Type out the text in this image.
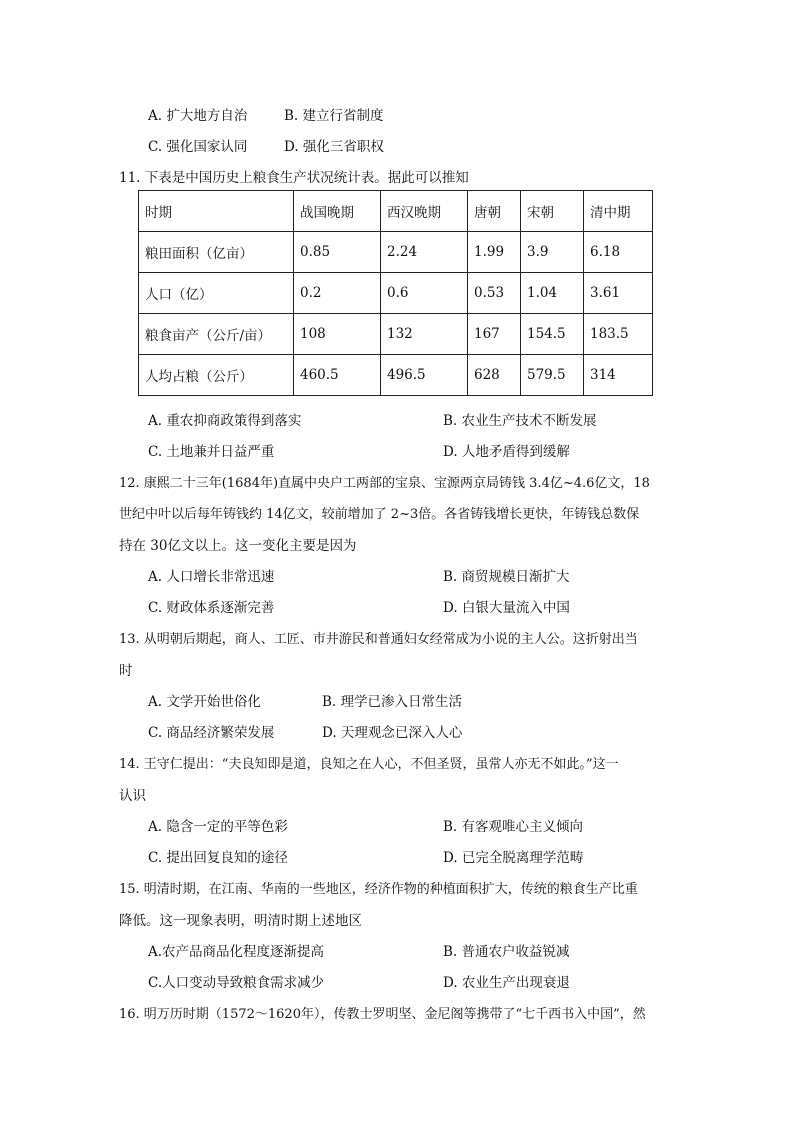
A. 扩大地方自治	B. 建立行省制度
C. 强化国家认同	D. 强化三省职权
11. 下表是中国历史上粮食生产状况统计表。据此可以推知
时期	战国晚期	西汉晚期	唐朝	宋朝	清中期
粮田面积（亿亩）	0.85	2.24	1.99	3.9	6.18
人口（亿）	0.2	0.6	0.53	1.04	3.61
粮食亩产（公斤/亩）	108	132	167	154.5	183.5
人均占粮（公斤）	460.5	496.5	628	579.5	314
A. 重农抑商政策得到落实	B. 农业生产技术不断发展
C. 土地兼并日益严重	D. 人地矛盾得到缓解
12. 康熙二十三年(1684年)直属中央户工两部的宝泉、宝源两京局铸钱 3.4亿~4.6亿文，18
世纪中叶以后每年铸钱约 14亿文，较前增加了 2~3倍。各省铸钱增长更快，年铸钱总数保
持在 30亿文以上。这一变化主要是因为
A. 人口增长非常迅速	B. 商贸规模日渐扩大
C. 财政体系逐渐完善	D. 白银大量流入中国
13. 从明朝后期起，商人、工匠、市井游民和普通妇女经常成为小说的主人公。这折射出当
时
A. 文学开始世俗化	B. 理学已渗入日常生活
C. 商品经济繁荣发展	D. 天理观念已深入人心
14. 王守仁提出：“夫良知即是道，良知之在人心，不但圣贤，虽常人亦无不如此。”这一
认识
A. 隐含一定的平等色彩	B. 有客观唯心主义倾向
C. 提出回复良知的途径	D. 已完全脱离理学范畴
15. 明清时期，在江南、华南的一些地区，经济作物的种植面积扩大，传统的粮食生产比重
降低。这一现象表明，明清时期上述地区
A.农产品商品化程度逐渐提高	B. 普通农户收益锐减
C.人口变动导致粮食需求减少	D. 农业生产出现衰退
16. 明万历时期（1572～1620年），传教士罗明坚、金尼阁等携带了“七千西书入中国”，然
